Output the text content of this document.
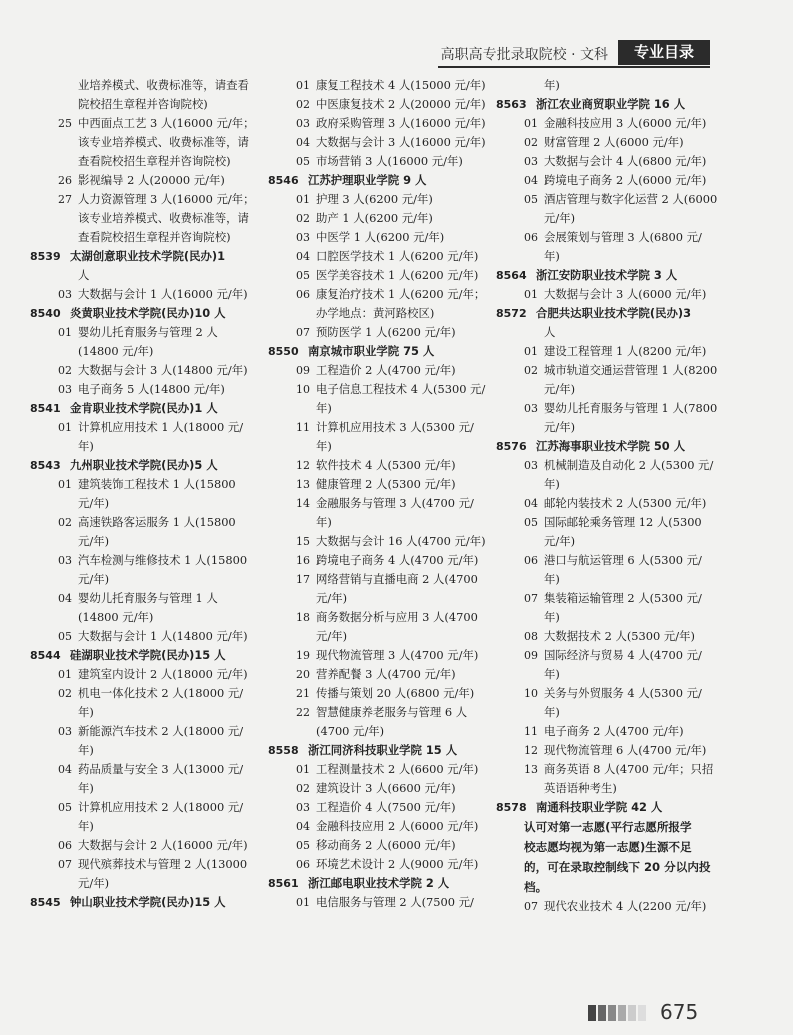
高职高专批录取院校 · 文科	专业目录
业培养模式、收费标准等，请查看
院校招生章程并咨询院校)
25 中西面点工艺 3 人(16000 元/年；
该专业培养模式、收费标准等，请
查看院校招生章程并咨询院校)
26 影视编导 2 人(20000 元/年)
27 人力资源管理 3 人(16000 元/年；
该专业培养模式、收费标准等，请
查看院校招生章程并咨询院校)
8539 太湖创意职业技术学院(民办)1
人
03 大数据与会计 1 人(16000 元/年)
8540 炎黄职业技术学院(民办)10 人
01 婴幼儿托育服务与管理 2 人
(14800 元/年)
02 大数据与会计 3 人(14800 元/年)
03 电子商务 5 人(14800 元/年)
8541 金肯职业技术学院(民办)1 人
01 计算机应用技术 1 人(18000 元/
年)
8543 九州职业技术学院(民办)5 人
01 建筑装饰工程技术 1 人(15800
元/年)
02 高速铁路客运服务 1 人(15800
元/年)
03 汽车检测与维修技术 1 人(15800
元/年)
04 婴幼儿托育服务与管理 1 人
(14800 元/年)
05 大数据与会计 1 人(14800 元/年)
8544 硅湖职业技术学院(民办)15 人
01 建筑室内设计 2 人(18000 元/年)
02 机电一体化技术 2 人(18000 元/
年)
03 新能源汽车技术 2 人(18000 元/
年)
04 药品质量与安全 3 人(13000 元/
年)
05 计算机应用技术 2 人(18000 元/
年)
06 大数据与会计 2 人(16000 元/年)
07 现代殡葬技术与管理 2 人(13000
元/年)
8545 钟山职业技术学院(民办)15 人
01 康复工程技术 4 人(15000 元/年)
02 中医康复技术 2 人(20000 元/年)
03 政府采购管理 3 人(16000 元/年)
04 大数据与会计 3 人(16000 元/年)
05 市场营销 3 人(16000 元/年)
8546 江苏护理职业学院 9 人
01 护理 3 人(6200 元/年)
02 助产 1 人(6200 元/年)
03 中医学 1 人(6200 元/年)
04 口腔医学技术 1 人(6200 元/年)
05 医学美容技术 1 人(6200 元/年)
06 康复治疗技术 1 人(6200 元/年；
办学地点：黄河路校区)
07 预防医学 1 人(6200 元/年)
8550 南京城市职业学院 75 人
09 工程造价 2 人(4700 元/年)
10 电子信息工程技术 4 人(5300 元/
年)
11 计算机应用技术 3 人(5300 元/
年)
12 软件技术 4 人(5300 元/年)
13 健康管理 2 人(5300 元/年)
14 金融服务与管理 3 人(4700 元/
年)
15 大数据与会计 16 人(4700 元/年)
16 跨境电子商务 4 人(4700 元/年)
17 网络营销与直播电商 2 人(4700
元/年)
18 商务数据分析与应用 3 人(4700
元/年)
19 现代物流管理 3 人(4700 元/年)
20 营养配餐 3 人(4700 元/年)
21 传播与策划 20 人(6800 元/年)
22 智慧健康养老服务与管理 6 人
(4700 元/年)
8558 浙江同济科技职业学院 15 人
01 工程测量技术 2 人(6600 元/年)
02 建筑设计 3 人(6600 元/年)
03 工程造价 4 人(7500 元/年)
04 金融科技应用 2 人(6000 元/年)
05 移动商务 2 人(6000 元/年)
06 环境艺术设计 2 人(9000 元/年)
8561 浙江邮电职业技术学院 2 人
01 电信服务与管理 2 人(7500 元/
年)
8563 浙江农业商贸职业学院 16 人
01 金融科技应用 3 人(6000 元/年)
02 财富管理 2 人(6000 元/年)
03 大数据与会计 4 人(6800 元/年)
04 跨境电子商务 2 人(6000 元/年)
05 酒店管理与数字化运营 2 人(6000
元/年)
06 会展策划与管理 3 人(6800 元/
年)
8564 浙江安防职业技术学院 3 人
01 大数据与会计 3 人(6000 元/年)
8572 合肥共达职业技术学院(民办)3
人
01 建设工程管理 1 人(8200 元/年)
02 城市轨道交通运营管理 1 人(8200
元/年)
03 婴幼儿托育服务与管理 1 人(7800
元/年)
8576 江苏海事职业技术学院 50 人
03 机械制造及自动化 2 人(5300 元/
年)
04 邮轮内装技术 2 人(5300 元/年)
05 国际邮轮乘务管理 12 人(5300
元/年)
06 港口与航运管理 6 人(5300 元/
年)
07 集装箱运输管理 2 人(5300 元/
年)
08 大数据技术 2 人(5300 元/年)
09 国际经济与贸易 4 人(4700 元/
年)
10 关务与外贸服务 4 人(5300 元/
年)
11 电子商务 2 人(4700 元/年)
12 现代物流管理 6 人(4700 元/年)
13 商务英语 8 人(4700 元/年；只招
英语语种考生)
8578 南通科技职业学院 42 人
认可对第一志愿(平行志愿所报学
校志愿均视为第一志愿)生源不足
的，可在录取控制线下 20 分以内投
档。
07 现代农业技术 4 人(2200 元/年)
675
